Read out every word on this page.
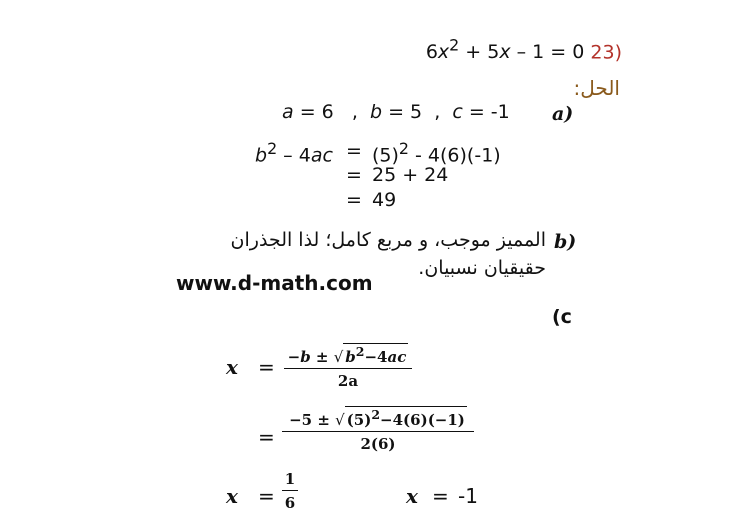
$6x^2 + 5x - 1 = 0$ 23)
الحل:
a)
a = 6   ,  b = 5  ,  c = -1
$b^2 - 4ac = (5)^2 - 4(6)(-1)$
= 25 + 24
= 49
المميز موجب، و مربع كامل؛ لذا الجذران b)
حقيقيان نسبيان.
www.d-math.com
(c
x = −b ± √ $b^2-4ac$
2a
=
−5 ± √ $(5)^2-4(6)(-1)$
2(6)
x =
1
6	x = -1
